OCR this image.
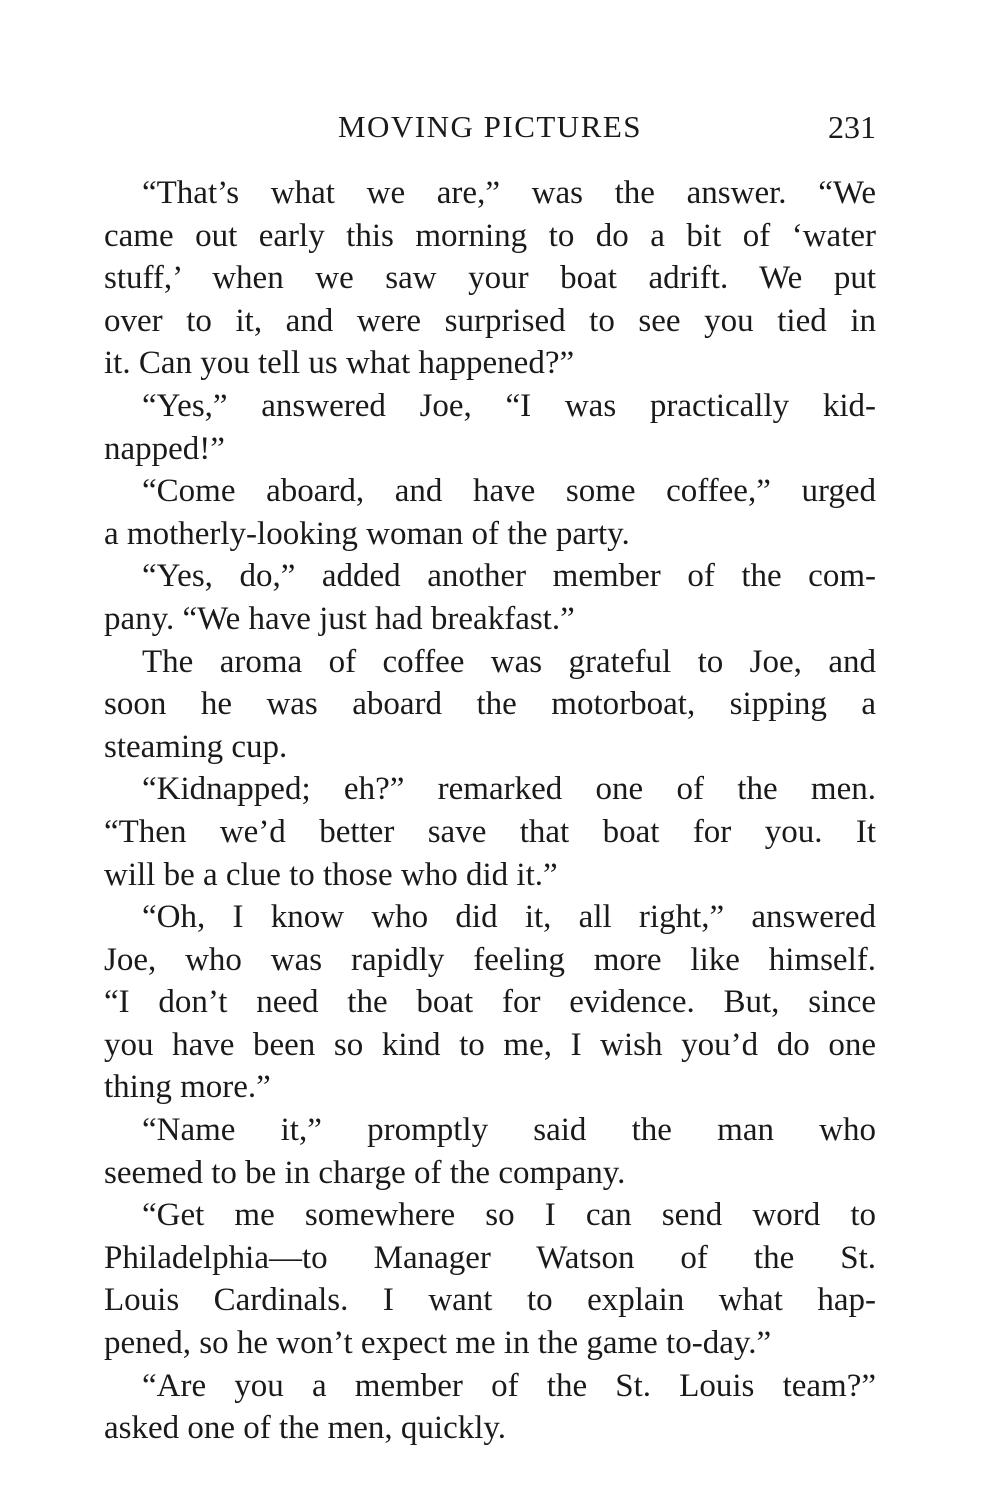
MOVING PICTURES	231
“That’s what we are,” was the answer. “We
came out early this morning to do a bit of ‘water
stuff,’ when we saw your boat adrift. We put
over to it, and were surprised to see you tied in
it. Can you tell us what happened?”
“Yes,” answered Joe, “I was practically kid-
napped!”
“Come aboard, and have some coffee,” urged
a motherly-looking woman of the party.
“Yes, do,” added another member of the com-
pany. “We have just had breakfast.”
The aroma of coffee was grateful to Joe, and
soon he was aboard the motorboat, sipping a
steaming cup.
“Kidnapped; eh?” remarked one of the men.
“Then we’d better save that boat for you. It
will be a clue to those who did it.”
“Oh, I know who did it, all right,” answered
Joe, who was rapidly feeling more like himself.
“I don’t need the boat for evidence. But, since
you have been so kind to me, I wish you’d do one
thing more.”
“Name it,” promptly said the man who
seemed to be in charge of the company.
“Get me somewhere so I can send word to
Philadelphia—to Manager Watson of the St.
Louis Cardinals. I want to explain what hap-
pened, so he won’t expect me in the game to-day.”
“Are you a member of the St. Louis team?”
asked one of the men, quickly.
